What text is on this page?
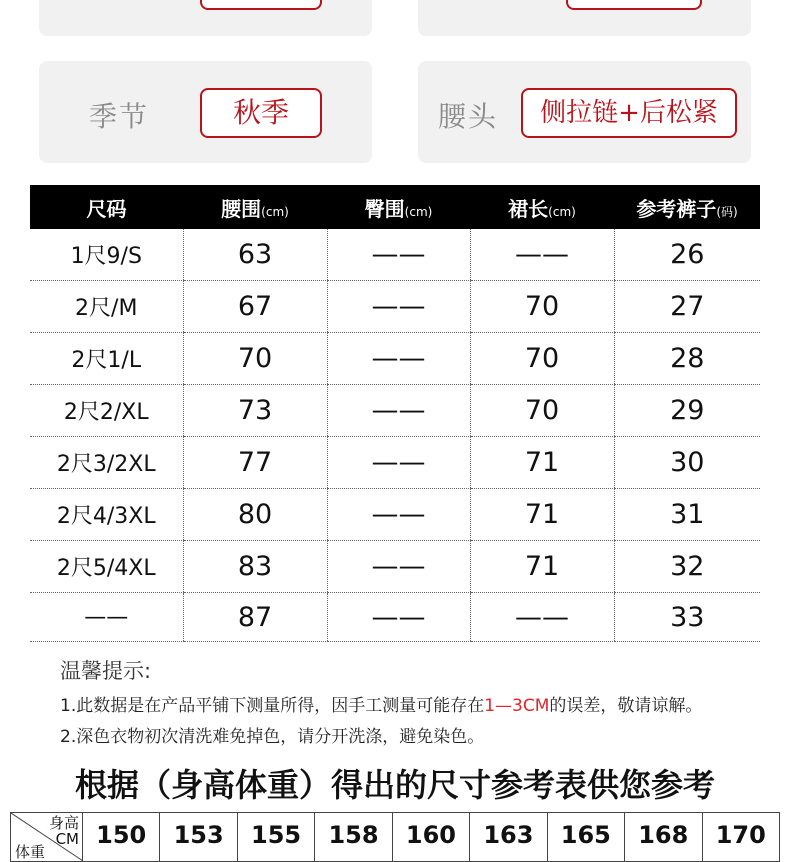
季节	秋季	腰头	侧拉链+后松紧
尺码	腰围(cm)	臀围(cm)	裙长(cm)	参考裤子(码)
1尺9/S	63	——	——	26
2尺/M	67	——	70	27
2尺1/L	70	——	70	28
2尺2/XL	73	——	70	29
2尺3/2XL	77	——	71	30
2尺4/3XL	80	——	71	31
2尺5/4XL	83	——	71	32
——	87	——	——	33
温馨提示:
1.此数据是在产品平铺下测量所得，因手工测量可能存在1—3CM的误差，敬请谅解。
2.深色衣物初次清洗难免掉色，请分开洗涤，避免染色。
根据（身高体重）得出的尺寸参考表供您参考
身高
CM
体重
	150	153	155	158	160	163	165	168	170
